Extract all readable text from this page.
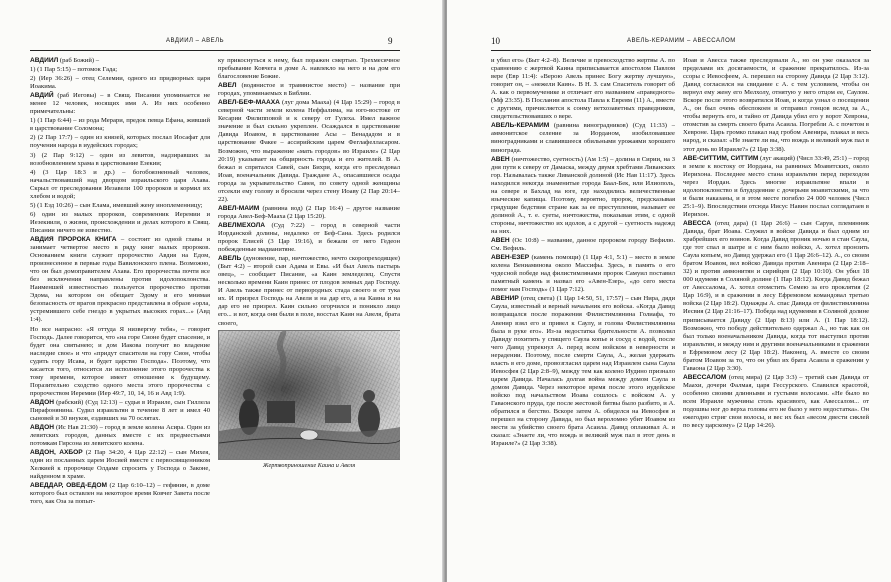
АВДИИЛ – АВЕЛЬ	9
АВДИИЛ (раб Божий) –
1) (1 Пар 5:15) – потомок Гада;
2) (Иер 36:26) – отец Селемии, одного из придворных царя Иоакима.
АВДИЙ (раб Иеговы) – в Свящ. Писании упоминается не менее 12 человек, носящих имя А. Из них особенно примечательны:
1) (1 Пар 6:44) – из рода Мерари, предок певца Ефана, живший в царствование Соломона;
2) (2 Пар 17:7) – один из князей, которых послал Иосафат для поучения народа в иудейских городах;
3) (2 Пар 9:12) – один из левитов, надзиравших за возобновлением храма в царствование Езекии;
4) (3 Цар 18:3 и др.) – богобоязненный человек, начальствовавший над дворцом израильского царя Ахава. Скрыл от преследования Иезавели 100 пророков и кормил их хлебом и водой;
5) (1 Езд 10:26) – сын Елама, имевший жену иноплеменницу;
6) один из малых пророков, современник Иеремии и Иезекииля, о жизни, происхождении и делах которого в Свящ. Писании ничего не известно.
АВДИЯ ПРОРОКА КНИГА – состоит из одной главы и занимает четвертое место в ряду книг малых пророков. Основанием книги служит пророчество Авдия на Едом, произнесенное в первые годы Вавилонского плена. Возможно, что он был домоправителем Ахава. Его пророчества почти все без исключения направлены против идолопоклонства. Наименшей известностью пользуется пророчество против Эдома, на котором он обещает Эдому и его мнимая безопасность от врагов прекрасно представлена в образе «орла, устремившего себе гнездо в укрытых высоких горах...» (Авд 1:4).
Но все напрасно: «Я оттуда Я низвергну тебя», – говорит Господь. Далее говорится, что «на горе Сионе будет спасение, и будет она святынею; и дом Иакова получит во владение наследие свое» и что «придут спасители на гору Сион, чтобы судить гору Исава, и будет царство Господа». Поэтому, что касается того, относится ли исполнение этого пророчества к тому времени, которое имеет отношение к будущему. Поразительно сходство одного места этого пророчества с пророчеством Иеремии (Иер 49:7, 10, 14, 16 и Авд 1:9).
АВДОН (рабский) (Суд 12:13) – судья в Израиле, сын Гиллела Пирафонянина. Судил израильтян в течение 8 лет и имел 40 сыновей и 30 внуков, ездивших на 70 ослятах.
АВДОН (Ис Нав 21:30) – город в земле колена Асира. Один из левитских городов, данных вместе с их предместьями потомкам Гирсона из левитского колена.
АВДОН, АХБОР (2 Пар 34:20, 4 Цар 22:12) – сын Михея, один из посланных царем Иосией вместе с первосвященником Хелкией к пророчице Олдаме спросить у Господа о Законе, найденном в храме.
АВЕДДАР, ОВЕД-ЕДОМ (2 Цар 6:10–12) – гефянин, в доме которого был оставлен на некоторое время Ковчег Завета после того, как Оза за попыт-
ку прикоснуться к нему, был поражен смертью. Трехмесячное пребывание Ковчега в доме А. навлекло на него и на дом его благословение Божие.
АВЕЛ (водянистое и травянистое место) – название при городах, упоминаемых в Библии.
АВЕЛ-БЕФ-МААХА (луг дома Мааха) (4 Цар 15:29) – город в северной части земли колена Неффалима, на юго-востоке от Кесарии Филипповой и к северу от Гулеха. Имел важное значение и был сильно укреплен. Осаждался в царствование Давида Иоавом, в царствование Асы – Венададом и в царствование Факее – ассирийским царем Феглафелласаром. Возможно, что выражение «мать городов» во Израиле» (2 Цар 20:19) указывает на общирность города и его жителей. В А. бежал и спрятался Савей, сын Бихри, когда его преследовал Иоав, военачальник Давида. Граждане А., опасавшиеся осады города за укрывательство Савея, по совету одной женщины отсекли ему голову и бросили через стену Иоаву (2 Пар 20:14–22).
АВЕЛ-МАИМ (равнина вод) (2 Пар 16:4) – другое название города Авел-Беф-Мааха (2 Цар 15:20).
АВЕЛМЕХОЛА (Суд 7:22) – город в северной части Иорданской долины, недалеко от Беф-Сана. Здесь родился пророк Елисей (3 Цар 19:16), и бежали от него Гедеон побежденные мадианитяне.
АВЕЛЬ (дуновение, пар, ничтожество, нечто скоропреходящее) (Быт 4:2) – второй сын Адама и Евы. «И был Авель пастырь овец», – сообщает Писание, «а Каин земледелец. Спустя несколько времени Каин принес от плодов земных дар Господу. И Авель также принес от первородных стада своего и от тука их. И призрел Господь на Авеля и на дар его, а на Каина и на дар его не призрел. Каин сильно огорчился и поникло лицо его... и вот, когда они были в поле, восстал Каин на Авеля, брата своего,
Жертвоприношение Каина и Авеля
10	АВЕЛЬ-КЕРАМИМ – АВЕССАЛОМ
и убил его» (Быт 4:2–8). Величие и превосходство жертвы А. по сравнению с жертвой Каина приписывается апостолом Павлом вере (Евр 11:4): «Верою Авель принес Богу жертву лучшую», говорит он, – «нежели Каин». В Н. З. сам Спаситель говорит об А. как о первомученике и отличает его названием «праведного» (Мф 23:35). В Послании апостола Павла к Евреям (11) А., вместе с другими, причисляется к сонму ветхозаветных праведников, свидетельствовавших о вере.
АВЕЛЬ-КЕРАМИМ (равнина виноградников) (Суд 11:33) – аммонитское селение за Иорданом, изобиловавшее виноградниками и славившееся обильными урожаями хорошего винограда.
АВЕН (ничтожество, суетность) (Ам 1:5) – долина в Сирии, на 3 дня пути к северу от Дамаска, между двумя хребтами Ливанских гор. Называлась также Ливанской долиной (Ис Нав 11:17). Здесь находился некогда знаменитые города Баал-Бек, или Илиополь, на севере и Бахлад на юге, где находились величественные языческие капища. Поэтому, вероятно, пророк, предсказывая грядущие бедствия стране как за ее преступления, называет ее долиной А., т. е. суеты, ничтожества, показывая этим, с одной стороны, ничтожество их идолов, а с другой – суетность надежд на них.
АВЕН (Ос 10:8) – название, данное пророком городу Вефилю. См. Вефиль.
АВЕН-ЕЗЕР (камень помощи) (1 Цар 4:1, 5:1) – место в земле колена Вениаминова около Массифы. Здесь, в память о его чудесной победе над филистимлянами пророк Самуил поставил памятный камень и назвал его «Авен-Езер», «до сего места помог нам Господь» (1 Цар 7:12).
АВЕНИР (отец света) (1 Цар 14:50, 51, 17:57) – сын Нира, дяди Саула, известный и верный начальник его войска. «Когда Давид возвращался после поражения Филистимлянина Голиафа, то Авенир взял его и привел к Саулу, и голова Филистимлянина была в руке его». Из-за недостатка бдительности А. позволил Давиду похитить у спящего Саула копье и сосуд с водой, после чего Давид упрекнул А. перед всем войском в неверности и нерадении. Поэтому, после смерти Саула, А., желая удержать власть в его доме, провозгласил царем над Израилем сына Саула Иевосфея (2 Цар 2:8–9), между тем как колено Иудино признало царем Давида. Началась долгая война между домом Саула и домом Давида. Через некоторое время после этого иудейское войско под начальством Иоава сошлось с войском А. у Гаваонского пруда, где после жестокой битвы было разбито, и А. обратился в бегство. Вскоре затем А. обиделся на Иевосфея и перешел на сторону Давида, но был вероломно убит Иоавом из мести за убийство своего брата Асаила. Давид оплакивал А. и сказал: «Знаете ли, что вождь и великий муж пал в этот день в Израиле?» (2 Цар 3:38).
Иоав и Авесса также преследовали А., но он уже оказался за пределами их досягаемости, и сражение прекратилось. Из-за ссоры с Иевосфеем, А. перешел на сторону Давида (2 Цар 3:12). Давид согласился на свидание с А. с тем условием, чтобы он вернул ему жену его Мелхолу, отнятую у него отцом ее, Саулом. Вскоре после этого возвратился Иоав, и когда узнал о посещении А., он был очень обеспокоен и отправил гонцов вслед за А., чтобы вернуть его, и тайно от Давида убил его у ворот Хеврона, отомстив за смерть своего брата Асаила. Погребли А. с почетом в Хевроне. Царь громко плакал над гробом Авенира, плакал и весь народ, и сказал: «Не знаете ли вы, что вождь и великий муж пал в этот день во Израиле?» (2 Цар 3:38).
АВЕ-СИТТИМ, СИТТИМ (луг акаций) (Числ 33:49, 25:1) – город в земле к востоку от Иордана, на равнинах Моавитских, около Иерихона. Последнее место стана израильтян перед переходом через Иордан. Здесь многие израильтяне впали в идолопоклонство и блудодеяние с дочерьми моавитскими, за что и были наказаны, и в этом месте погибло 24 000 человек (Числ 25:1–9). Впоследствии отсюда Иисус Навин послал соглядатаев в Иерихон.
АВЕССА (отец дара) (1 Цар 26:6) – сын Саруи, племянник Давида, брат Иоава. Служил в войске Давида и был одним из храбрейших его воинов. Когда Давид проник ночью в стан Саула, где тот спал в шатре и с ним было войско, А. хотел пронзить Саула копьем, но Давид удержал его (1 Цар 26:6–12). А., со своим братом Иоавом, вел войско Давида против Авенира (2 Цар 2:18–32) и против аммонитян и сирийцев (2 Цар 10:10). Он убил 18 000 идумеян в Соляной долине (1 Пар 18:12). Когда Давид бежал от Авессалома, А. хотел отомстить Семею за его проклятия (2 Цар 16:9), и в сражении в лесу Ефремовом командовал третью войска (2 Цар 18:2). Однажды А. спас Давида от филистимлянина Иесвия (2 Цар 21:16–17). Победа над идумеями в Соляной долине приписывается Давиду (2 Цар 8:13) или А. (1 Пар 18:12). Возможно, что победу действительно одержал А., но так как он был только военачальником Давида, когда тот выступил против израильтян, и между ним и другими военачальниками в сражении в Ефремовом лесу (2 Цар 18:2). Наконец, А. вместе со своим братом Иоавом за то, что он убил их брата Асаила в сражении у Гаваона (2 Цар 3:30).
АВЕССАЛОМ (отец мира) (2 Цар 3:3) – третий сын Давида от Маахи, дочери Фалмая, царя Гессурского. Славился красотой, особенно своими длинными и густыми волосами. «Не было во всем Израиле мужчины столь красивого, как Авессалом... от подошвы ног до верха головы его не было у него недостатка». Он ежегодно стриг свои волосы, и вес их был «весом двести сиклей по весу царскому» (2 Цар 14:26).
